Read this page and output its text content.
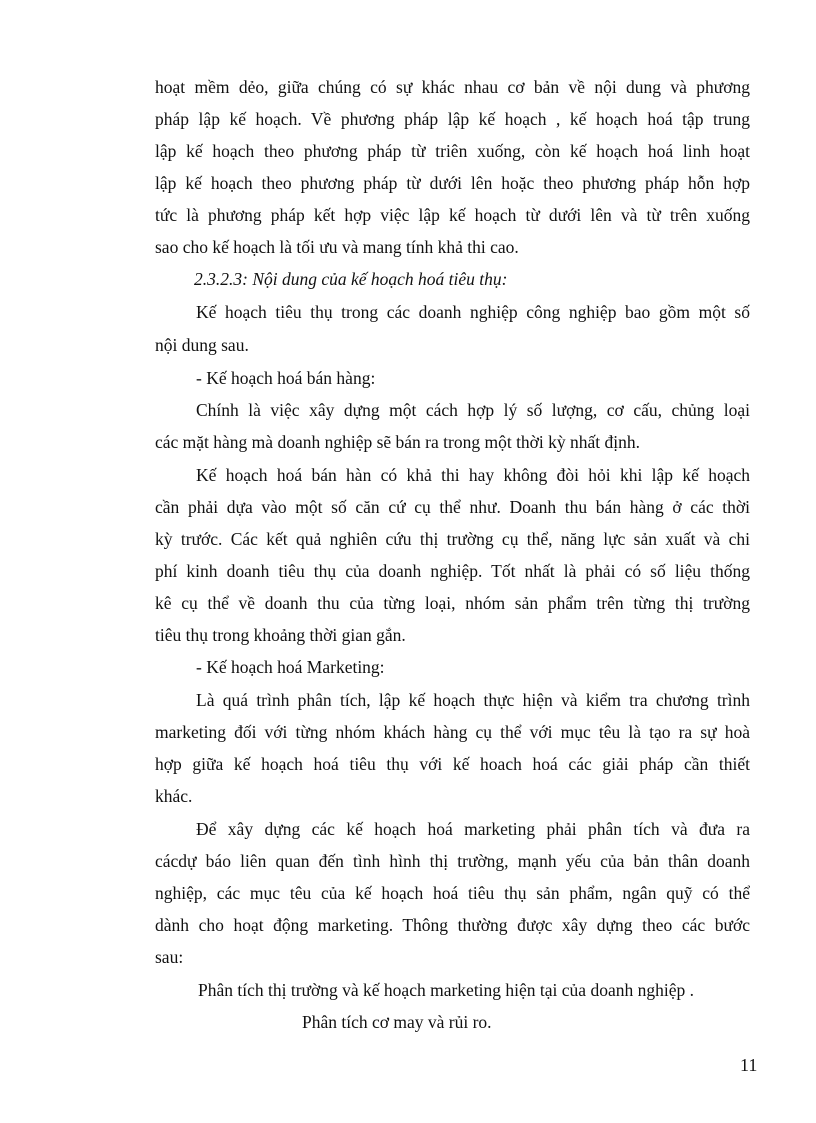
hoạt mềm dẻo, giữa chúng có sự khác nhau cơ bản về nội dung và phương
pháp lập kế hoạch. Về phương pháp lập kế hoạch , kế hoạch hoá tập trung
lập kế hoạch theo phương pháp từ triên xuống, còn kế hoạch hoá linh hoạt
lập kế hoạch theo phương pháp từ dưới lên hoặc theo phương pháp hỗn hợp
tức là phương pháp kết hợp việc lập kế hoạch từ dưới lên và từ trên xuống
sao cho kế hoạch là tối ưu và mang tính khả thi cao.
2.3.2.3: Nội dung của kế hoạch hoá tiêu thụ:
Kế hoạch tiêu thụ trong các doanh nghiệp công nghiệp bao gồm một số
nội dung sau.
- Kế hoạch hoá bán hàng:
Chính là việc xây dựng một cách hợp lý số lượng, cơ cấu, chủng loại
các mặt hàng mà doanh nghiệp sẽ bán ra trong một thời kỳ nhất định.
Kế hoạch hoá bán hàn có khả thi hay không đòi hỏi khi lập kế hoạch
cần phải dựa vào một số căn cứ cụ thể như. Doanh thu bán hàng ở các thời
kỳ trước. Các kết quả nghiên cứu thị trường cụ thể, năng lực sản xuất và chi
phí kinh doanh tiêu thụ của doanh nghiệp. Tốt nhất là phải có số liệu thống
kê cụ thể về doanh thu của từng loại, nhóm sản phẩm trên từng thị trường
tiêu thụ trong khoảng thời gian gắn.
- Kế hoạch hoá Marketing:
Là quá trình phân tích, lập kế hoạch thực hiện và kiểm tra chương trình
marketing đối với từng nhóm khách hàng cụ thể với mục têu là tạo ra sự hoà
hợp giữa kế hoạch hoá tiêu thụ với kế hoach hoá các giải pháp cần thiết
khác.
Để xây dựng các kế hoạch hoá marketing phải phân tích và đưa ra
cácdự báo liên quan đến tình hình thị trường, mạnh yếu của bản thân doanh
nghiệp, các mục têu của kế hoạch hoá tiêu thụ sản phẩm, ngân quỹ có thể
dành cho hoạt động marketing. Thông thường được xây dựng theo các bước
sau:
Phân tích thị trường và kế hoạch marketing hiện tại của doanh nghiệp .
Phân tích cơ may và rủi ro.
11
